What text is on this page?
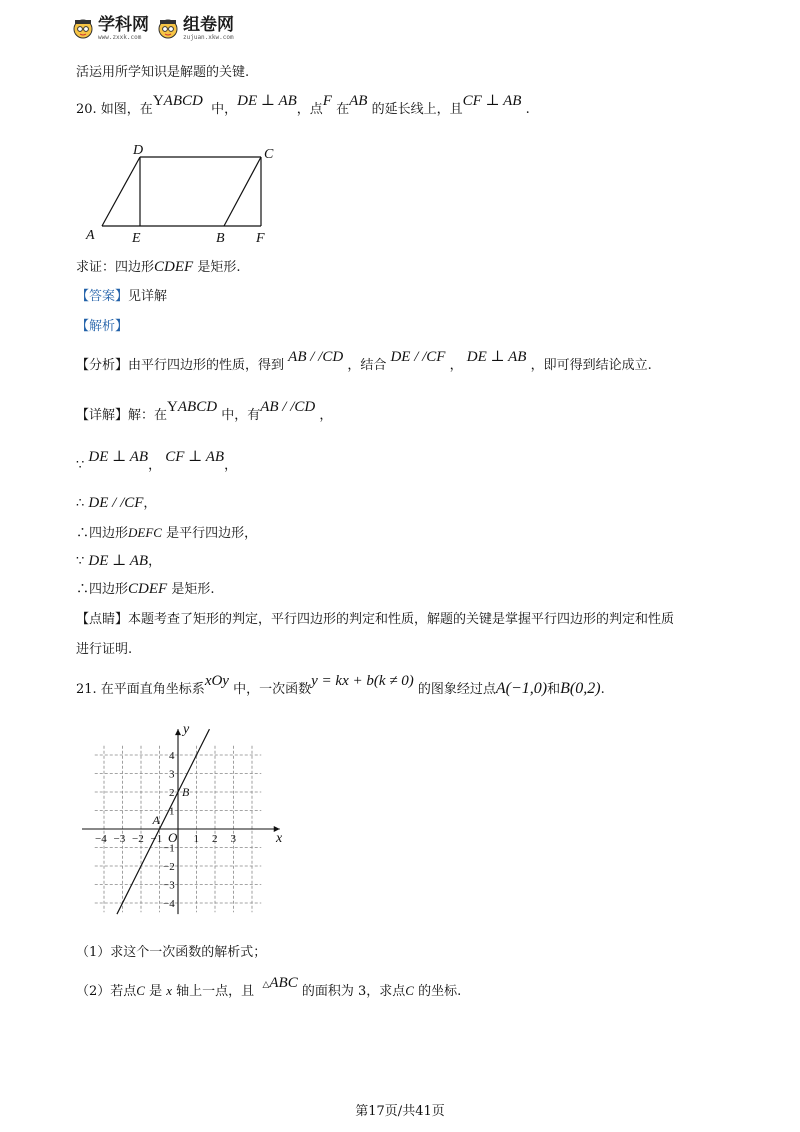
学科网
www.zxxk.com
组卷网
zujuan.xkw.com
活运用所学知识是解题的关键.
20. 如图，在YABCD  中，DE ⊥ AB，点F 在AB 的延长线上，且CF ⊥ AB .
D	C
A	E	B F
求证：四边形CDEF 是矩形.
【答案】见详解
【解析】
【分析】由平行四边形的性质，得到 AB / /CD ，结合 DE / /CF ， DE ⊥ AB ，即可得到结论成立.
【详解】解：在YABCD 中，有AB / /CD ，
∵ DE ⊥ AB， CF ⊥ AB，
∴ DE / /CF，
∴四边形DEFC 是平行四边形，
∵ DE ⊥ AB，
∴四边形CDEF 是矩形.
【点睛】本题考查了矩形的判定，平行四边形的判定和性质，解题的关键是掌握平行四边形的判定和性质
进行证明.
21. 在平面直角坐标系xOy 中，一次函数y = kx + b(k ≠ 0) 的图象经过点A(−1,0)和B(0,2).
x
y
O
A
B
−4 −3 −2 −1	1 2 3
4
3
2
1
−1
−2
−3
−4
（1）求这个一次函数的解析式；
（2）若点C 是 x 轴上一点，且 △ABC 的面积为 3，求点C 的坐标.
第17页/共41页
